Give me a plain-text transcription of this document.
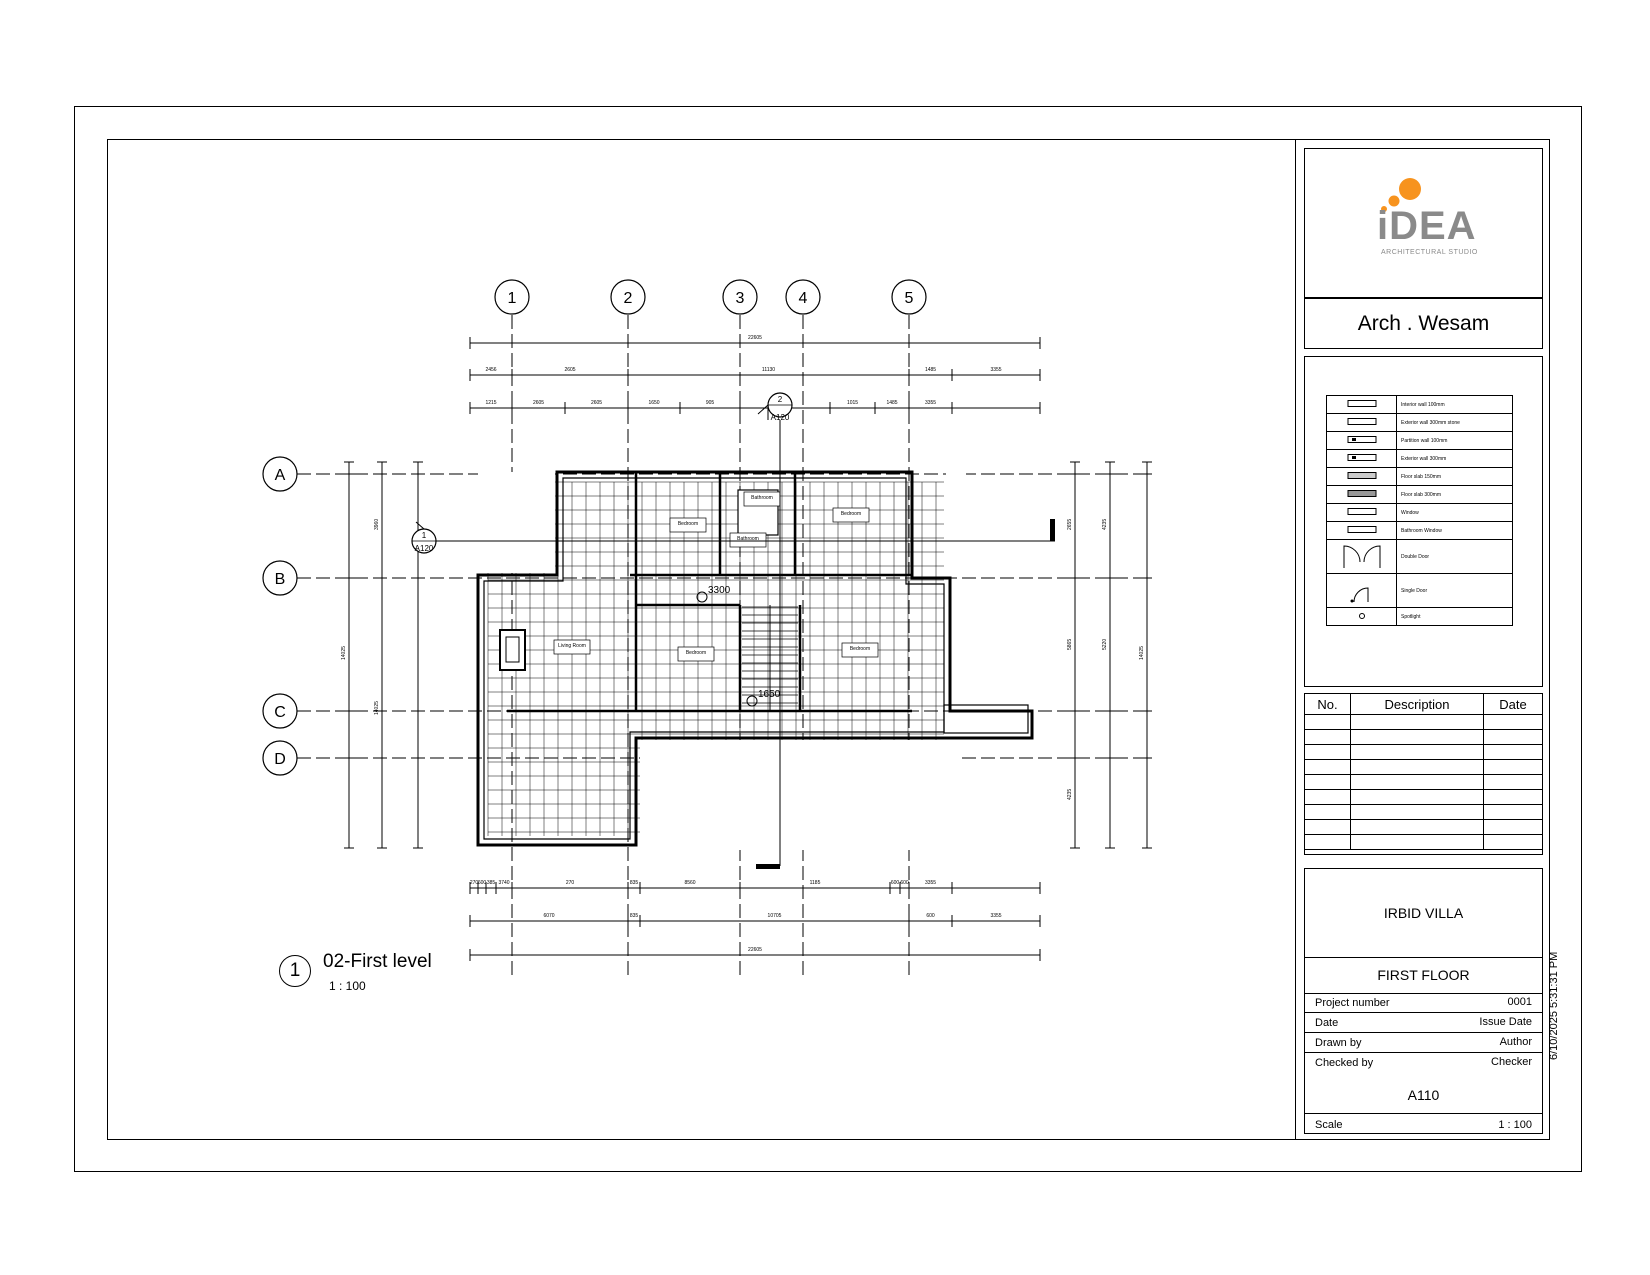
1	2	3	4	5
A
B
C
D
22605
2456	2605	11130	1485	3355
1215	2605	2605	1650	905	1015	1485	3355
270 600 385 3740	270	835	8560	1185	600 600	3355
6070	835	10705	600	3355
22605
14025
3960
14025
14025
2655	4235
5865	5220
4235
Bedroom
Bedroom
Bedroom
Bedroom
Living Room
Bathroom
Bathroom
3300
1650
2
A120
1
A120
1 02-First level
1 : 100
iDEA
ARCHITECTURAL STUDIO
Arch . Wesam
	Interior wall 100mm
	Exterior wall 300mm stone
	Partition wall 100mm
	Exterior wall 300mm
	Floor slab 150mm
	Floor slab 300mm
	Window
	Bathroom Window
	Double Door
	Single Door
	Spotlight
No.	Description	Date

IRBID VILLA
FIRST FLOOR
Project number	0001
Date	Issue Date
Drawn by	Author
Checked by	Checker
A110
Scale	1 : 100
6/10/2025 5:31:31 PM
